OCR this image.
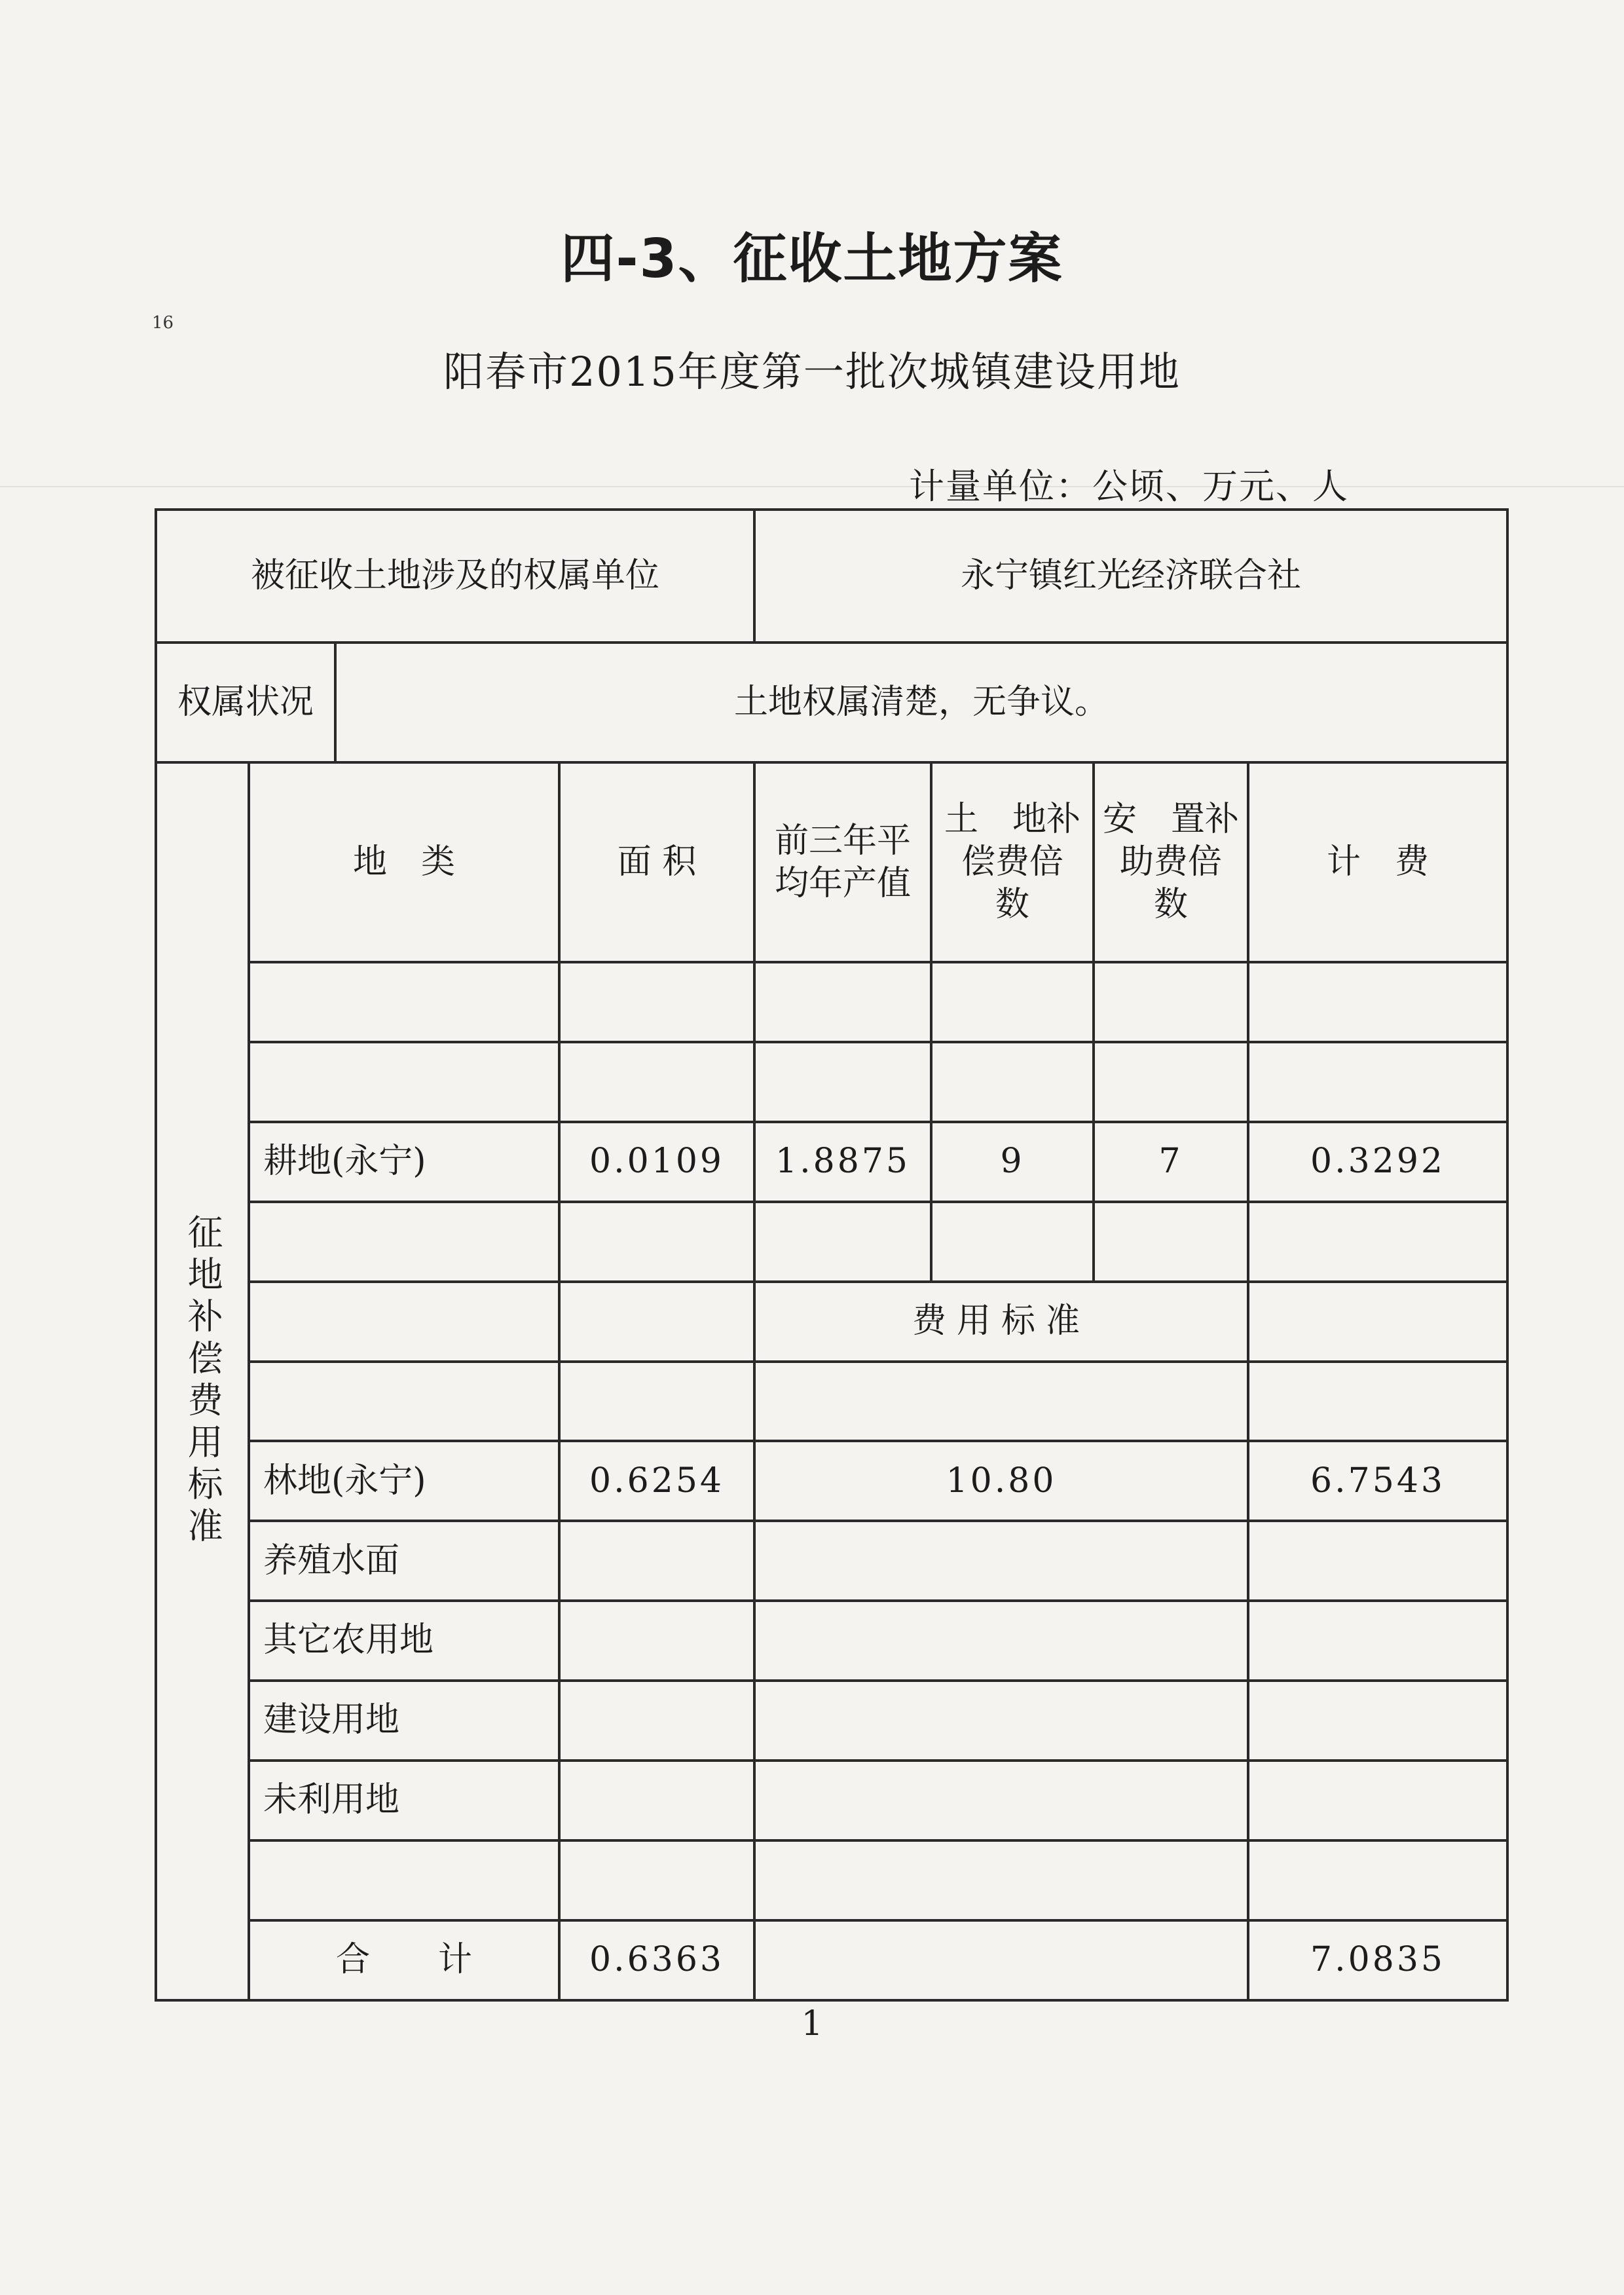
16
四-3、征收土地方案
阳春市2015年度第一批次城镇建设用地
计量单位：公顷、万元、人
被征收土地涉及的权属单位				永宁镇红光经济联合社			
权属状况		土地权属清楚，无争议。					

征地补偿费用标准	地　类		面 积	前三年平　均年产值	土　地补偿费倍　数	安　置补助费倍　数	计　费

	耕地(永宁)		0.0109	1.8875	9	7	0.3292

				费用标准			

	林地(永宁)		0.6254	10.80			6.7543
	养殖水面						
	其它农用地						
	建设用地						
	未利用地						

	合　　计		0.6363				7.0835
1
